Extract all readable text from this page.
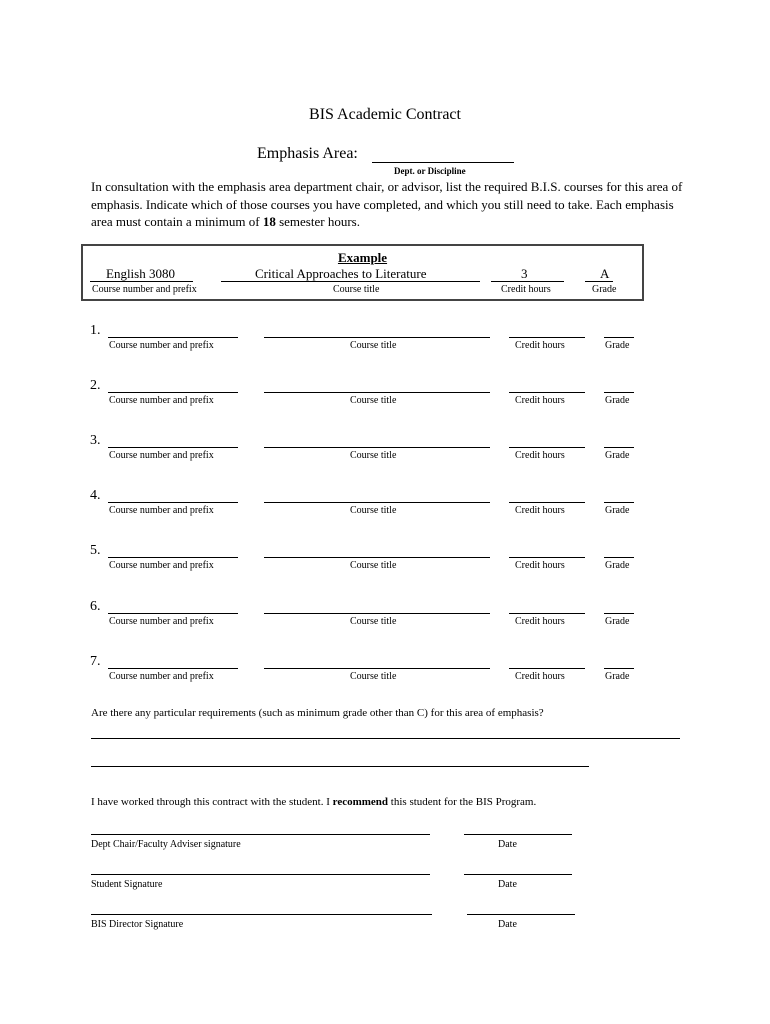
BIS Academic Contract
Emphasis Area:
Dept. or Discipline
In consultation with the emphasis area department chair, or advisor, list the required B.I.S. courses for this area of emphasis. Indicate which of those courses you have completed, and which you still need to take. Each emphasis area must contain a minimum of 18 semester hours.
Example
English 3080	Critical Approaches to Literature	3	A
Course number and prefix	Course title	Credit hours	Grade
1.
Course number and prefix	Course title	Credit hours	Grade
2.
Course number and prefix	Course title	Credit hours	Grade
3.
Course number and prefix	Course title	Credit hours	Grade
4.
Course number and prefix	Course title	Credit hours	Grade
5.
Course number and prefix	Course title	Credit hours	Grade
6.
Course number and prefix	Course title	Credit hours	Grade
7.
Course number and prefix	Course title	Credit hours	Grade
Are there any particular requirements (such as minimum grade other than C) for this area of emphasis?
I have worked through this contract with the student. I recommend this student for the BIS Program.
Dept Chair/Faculty Adviser signature	Date
Student Signature	Date
BIS Director Signature	Date
